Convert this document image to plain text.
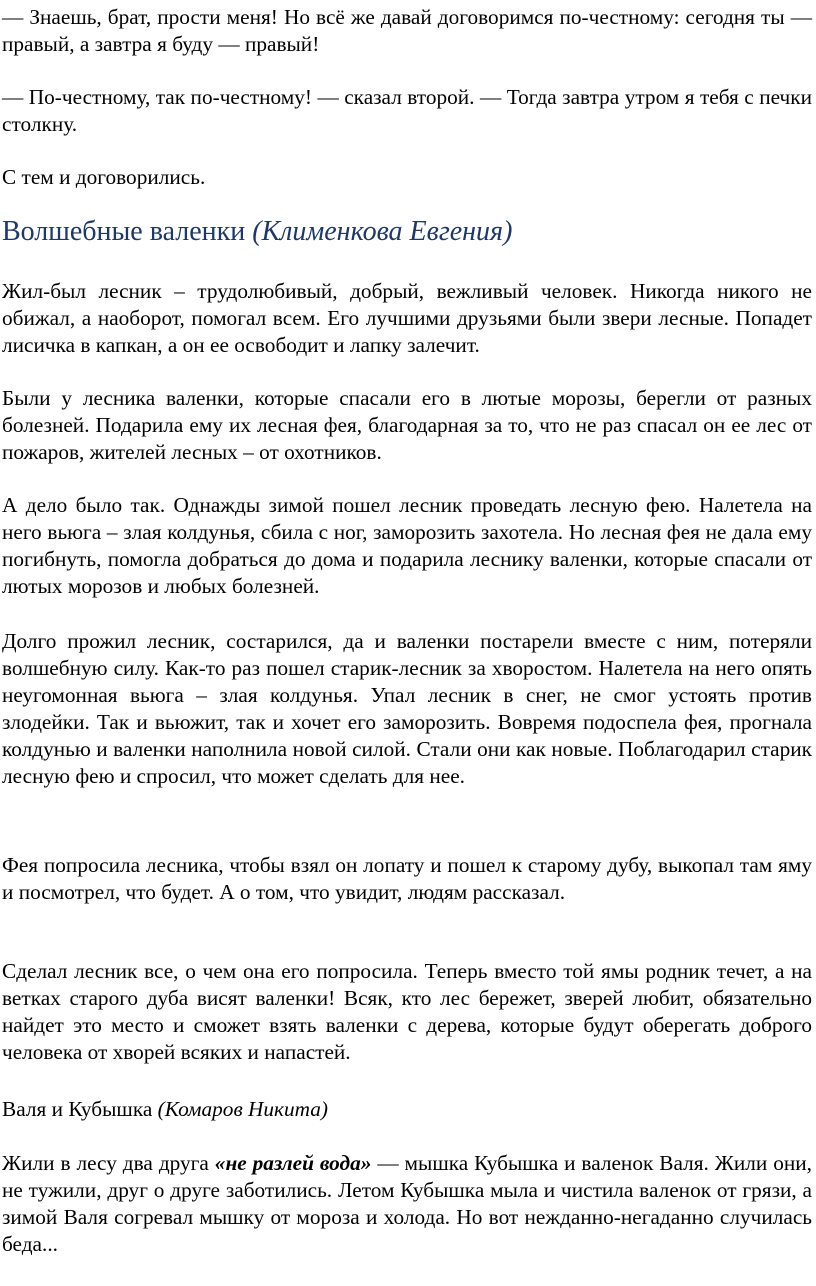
— Знаешь, брат, прости меня! Но всё же давай договоримся по-честному: сегодня ты — правый, а завтра я буду — правый!

— По-честному, так по-честному! — сказал второй. — Тогда завтра утром я тебя с печки столкну.

С тем и договорились.

Волшебные валенки (Клименкова Евгения)

Жил-был лесник – трудолюбивый, добрый, вежливый человек. Никогда никого не обижал, а наоборот, помогал всем. Его лучшими друзьями были звери лесные. Попадет лисичка в капкан, а он ее освободит и лапку залечит.

Были у лесника валенки, которые спасали его в лютые морозы, берегли от разных болезней. Подарила ему их лесная фея, благодарная за то, что не раз спасал он ее лес от пожаров, жителей лесных – от охотников.

А дело было так. Однажды зимой пошел лесник проведать лесную фею. Налетела на него вьюга – злая колдунья, сбила с ног, заморозить захотела. Но лесная фея не дала ему погибнуть, помогла добраться до дома и подарила леснику валенки, которые спасали от лютых морозов и любых болезней.

Долго прожил лесник, состарился, да и валенки постарели вместе с ним, потеряли волшебную силу. Как-то раз пошел старик-лесник за хворостом. Налетела на него опять неугомонная вьюга – злая колдунья. Упал лесник в снег, не смог устоять против злодейки. Так и вьюжит, так и хочет его заморозить. Вовремя подоспела фея, прогнала колдунью и валенки наполнила новой силой. Стали они как новые. Поблагодарил старик лесную фею и спросил, что может сделать для нее.

Фея попросила лесника, чтобы взял он лопату и пошел к старому дубу, выкопал там яму и посмотрел, что будет. А о том, что увидит, людям рассказал.

Сделал лесник все, о чем она его попросила. Теперь вместо той ямы родник течет, а на ветках старого дуба висят валенки! Всяк, кто лес бережет, зверей любит, обязательно найдет это место и сможет взять валенки с дерева, которые будут оберегать доброго человека от хворей всяких и напастей.

Валя и Кубышка (Комаров Никита)

Жили в лесу два друга «не разлей вода» — мышка Кубышка и валенок Валя. Жили они, не тужили, друг о друге заботились. Летом Кубышка мыла и чистила валенок от грязи, а зимой Валя согревал мышку от мороза и холода. Но вот нежданно-негаданно случилась беда...
